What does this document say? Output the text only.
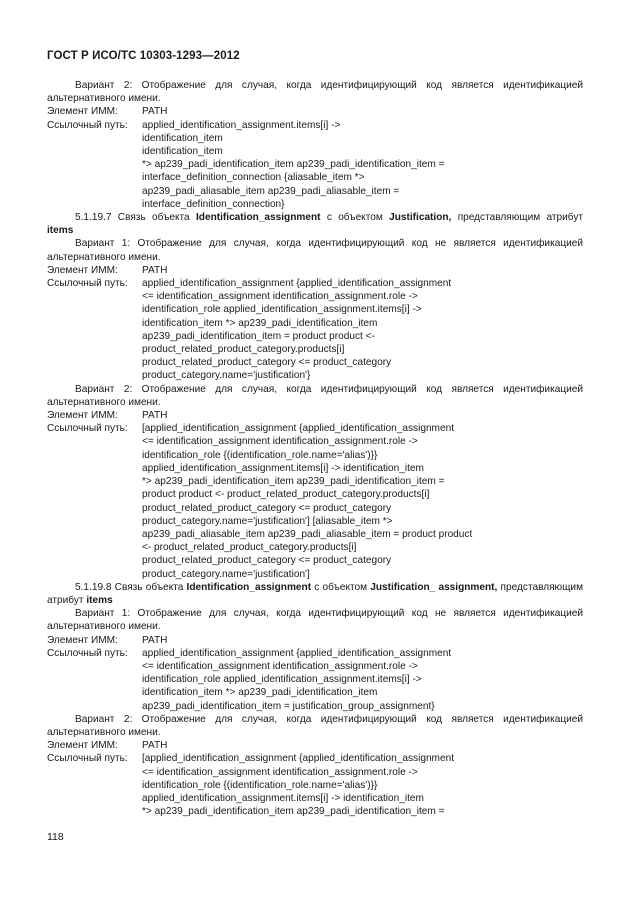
ГОСТ Р ИСО/ТС 10303-1293—2012

Вариант 2: Отображение для случая, когда идентифицирующий код является идентификацией альтернативного имени.

Элемент ИММ:	PATH
Ссылочный путь:	applied_identification_assignment.items[i] ->
identification_item
identification_item
*> ap239_padi_identification_item ap239_padi_identification_item =
interface_definition_connection {aliasable_item *>
ap239_padi_aliasable_item ap239_padi_aliasable_item =
interface_definition_connection}

5.1.19.7 Связь объекта Identification_assignment с объектом Justification, представляющим атрибут items

Вариант 1: Отображение для случая, когда идентифицирующий код не является идентификацией альтернативного имени.

Элемент ИММ:	PATH
Ссылочный путь:	applied_identification_assignment {applied_identification_assignment
<= identification_assignment identification_assignment.role ->
identification_role applied_identification_assignment.items[i] ->
identification_item *> ap239_padi_identification_item
ap239_padi_identification_item = product product <-
product_related_product_category.products[i]
product_related_product_category <= product_category
product_category.name='justification'}

Вариант 2: Отображение для случая, когда идентифицирующий код является идентификацией альтернативного имени.

Элемент ИММ:	PATH
Ссылочный путь:	[applied_identification_assignment {applied_identification_assignment
<= identification_assignment identification_assignment.role ->
identification_role {(identification_role.name='alias')}}
applied_identification_assignment.items[i] -> identification_item
*> ap239_padi_identification_item ap239_padi_identification_item =
product product <- product_related_product_category.products[i]
product_related_product_category <= product_category
product_category.name='justification'] [aliasable_item *>
ap239_padi_aliasable_item ap239_padi_aliasable_item = product product
<- product_related_product_category.products[i]
product_related_product_category <= product_category
product_category.name='justification']

5.1.19.8 Связь объекта Identification_assignment с объектом Justification_ assignment, представляющим атрибут items

Вариант 1: Отображение для случая, когда идентифицирующий код не является идентификацией альтернативного имени.

Элемент ИММ:	PATH
Ссылочный путь:	applied_identification_assignment {applied_identification_assignment
<= identification_assignment identification_assignment.role ->
identification_role applied_identification_assignment.items[i] ->
identification_item *> ap239_padi_identification_item
ap239_padi_identification_item = justification_group_assignment}

Вариант 2: Отображение для случая, когда идентифицирующий код является идентификацией альтернативного имени.

Элемент ИММ:	PATH
Ссылочный путь:	[applied_identification_assignment {applied_identification_assignment
<= identification_assignment identification_assignment.role ->
identification_role {(identification_role.name='alias')}}
applied_identification_assignment.items[i] -> identification_item
*> ap239_padi_identification_item ap239_padi_identification_item =
118
